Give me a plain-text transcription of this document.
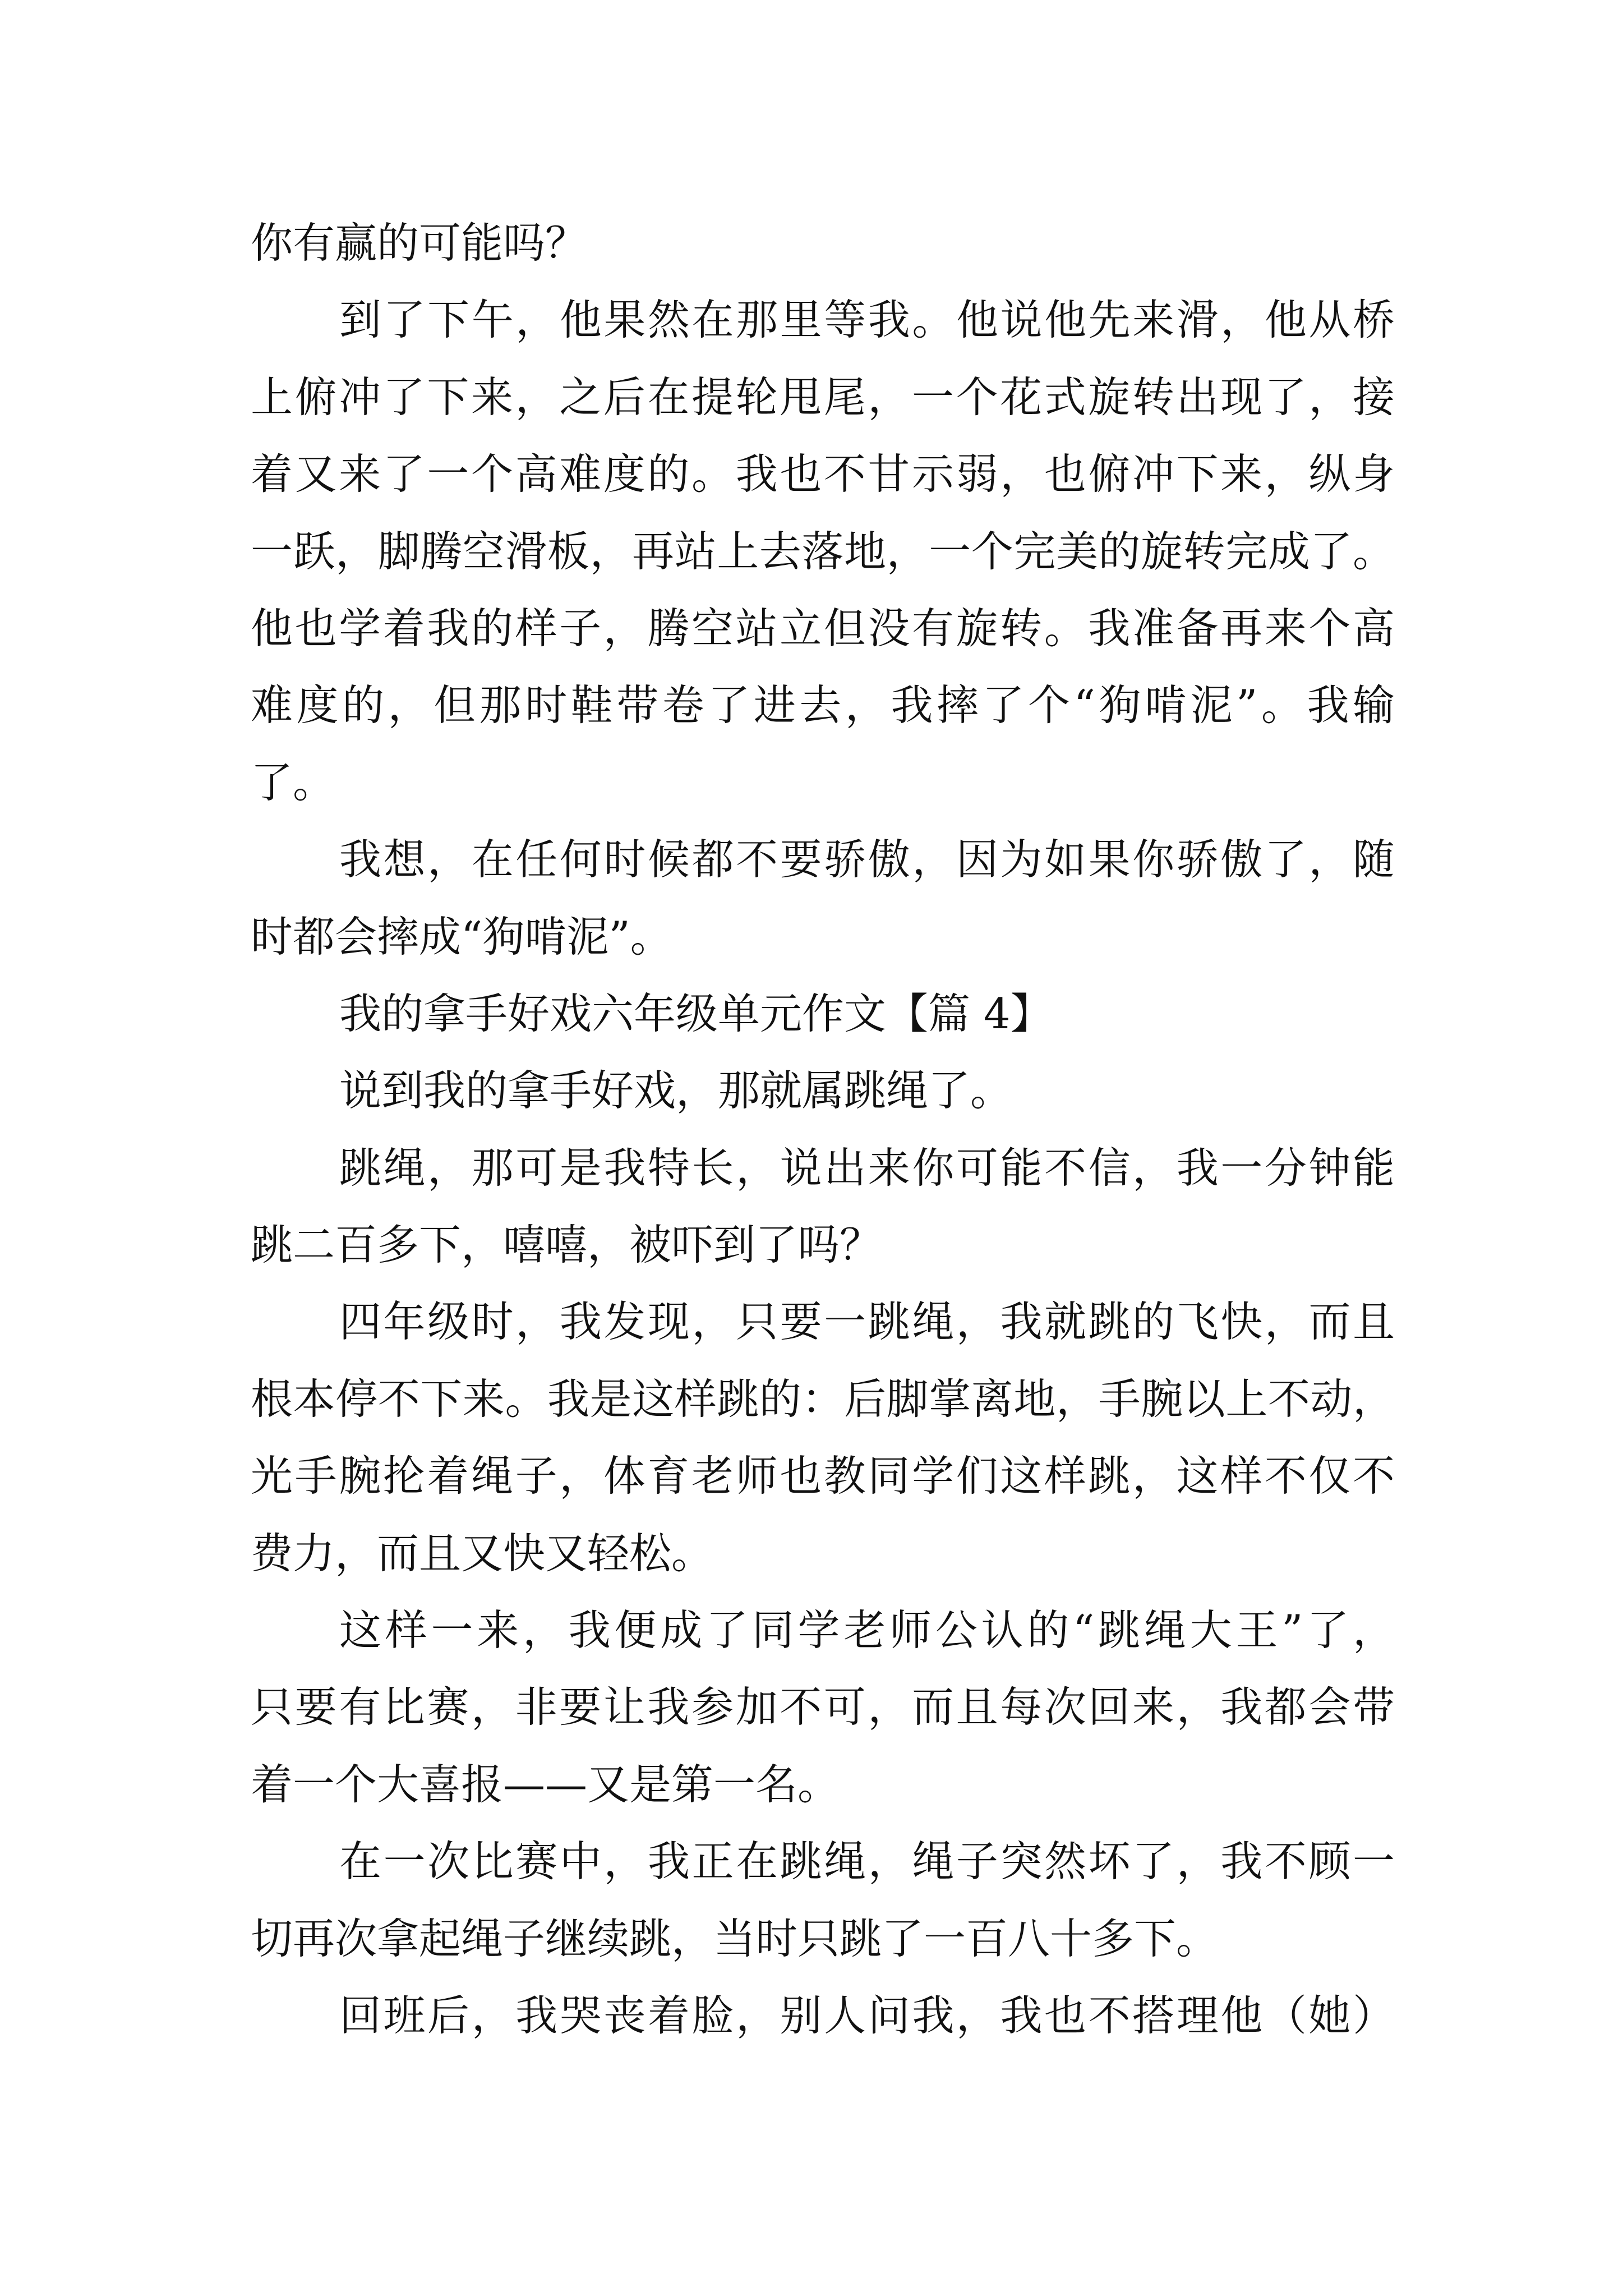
你有赢的可能吗？
到了下午，他果然在那里等我。他说他先来滑，他从桥
上俯冲了下来，之后在提轮甩尾，一个花式旋转出现了，接
着又来了一个高难度的。我也不甘示弱，也俯冲下来，纵身
一跃，脚腾空滑板，再站上去落地，一个完美的旋转完成了。
他也学着我的样子，腾空站立但没有旋转。我准备再来个高
难度的，但那时鞋带卷了进去，我摔了个“狗啃泥”。我输
了。
我想，在任何时候都不要骄傲，因为如果你骄傲了，随
时都会摔成“狗啃泥”。
我的拿手好戏六年级单元作文【篇 4】
说到我的拿手好戏，那就属跳绳了。
跳绳，那可是我特长，说出来你可能不信，我一分钟能
跳二百多下，嘻嘻，被吓到了吗？
四年级时，我发现，只要一跳绳，我就跳的飞快，而且
根本停不下来。我是这样跳的：后脚掌离地，手腕以上不动，
光手腕抡着绳子，体育老师也教同学们这样跳，这样不仅不
费力，而且又快又轻松。
这样一来，我便成了同学老师公认的“跳绳大王”了，
只要有比赛，非要让我参加不可，而且每次回来，我都会带
着一个大喜报——又是第一名。
在一次比赛中，我正在跳绳，绳子突然坏了，我不顾一
切再次拿起绳子继续跳，当时只跳了一百八十多下。
回班后，我哭丧着脸，别人问我，我也不搭理他（她）
